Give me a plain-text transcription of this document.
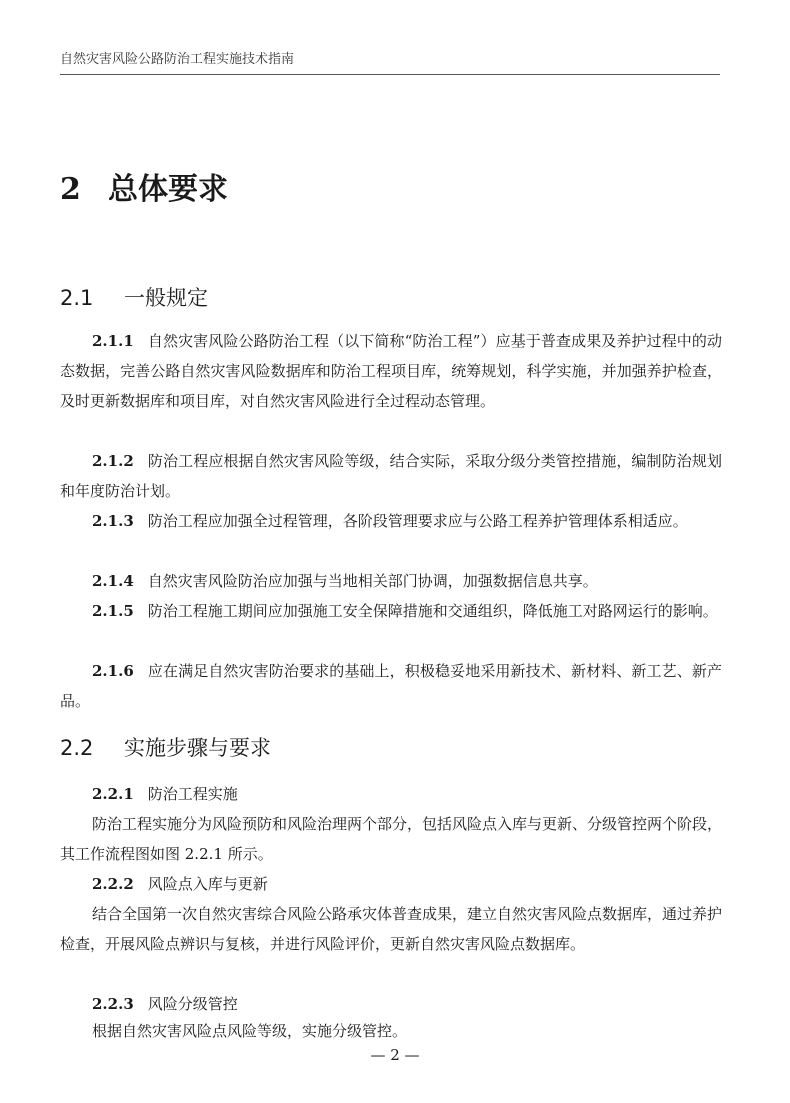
自然灾害风险公路防治工程实施技术指南
2 总体要求
2.1 一般规定

2.1.1 自然灾害风险公路防治工程（以下简称“防治工程”）应基于普查成果及养护过程中的动态数据，完善公路自然灾害风险数据库和防治工程项目库，统筹规划，科学实施，并加强养护检查，及时更新数据库和项目库，对自然灾害风险进行全过程动态管理。

2.1.2 防治工程应根据自然灾害风险等级，结合实际，采取分级分类管控措施，编制防治规划和年度防治计划。

2.1.3 防治工程应加强全过程管理，各阶段管理要求应与公路工程养护管理体系相适应。

2.1.4 自然灾害风险防治应加强与当地相关部门协调，加强数据信息共享。

2.1.5 防治工程施工期间应加强施工安全保障措施和交通组织，降低施工对路网运行的影响。

2.1.6 应在满足自然灾害防治要求的基础上，积极稳妥地采用新技术、新材料、新工艺、新产品。

2.2 实施步骤与要求

2.2.1 防治工程实施

防治工程实施分为风险预防和风险治理两个部分，包括风险点入库与更新、分级管控两个阶段，其工作流程图如图 2.2.1 所示。

2.2.2 风险点入库与更新

结合全国第一次自然灾害综合风险公路承灾体普查成果，建立自然灾害风险点数据库，通过养护检查，开展风险点辨识与复核，并进行风险评价，更新自然灾害风险点数据库。

2.2.3 风险分级管控

根据自然灾害风险点风险等级，实施分级管控。

— 2 —
